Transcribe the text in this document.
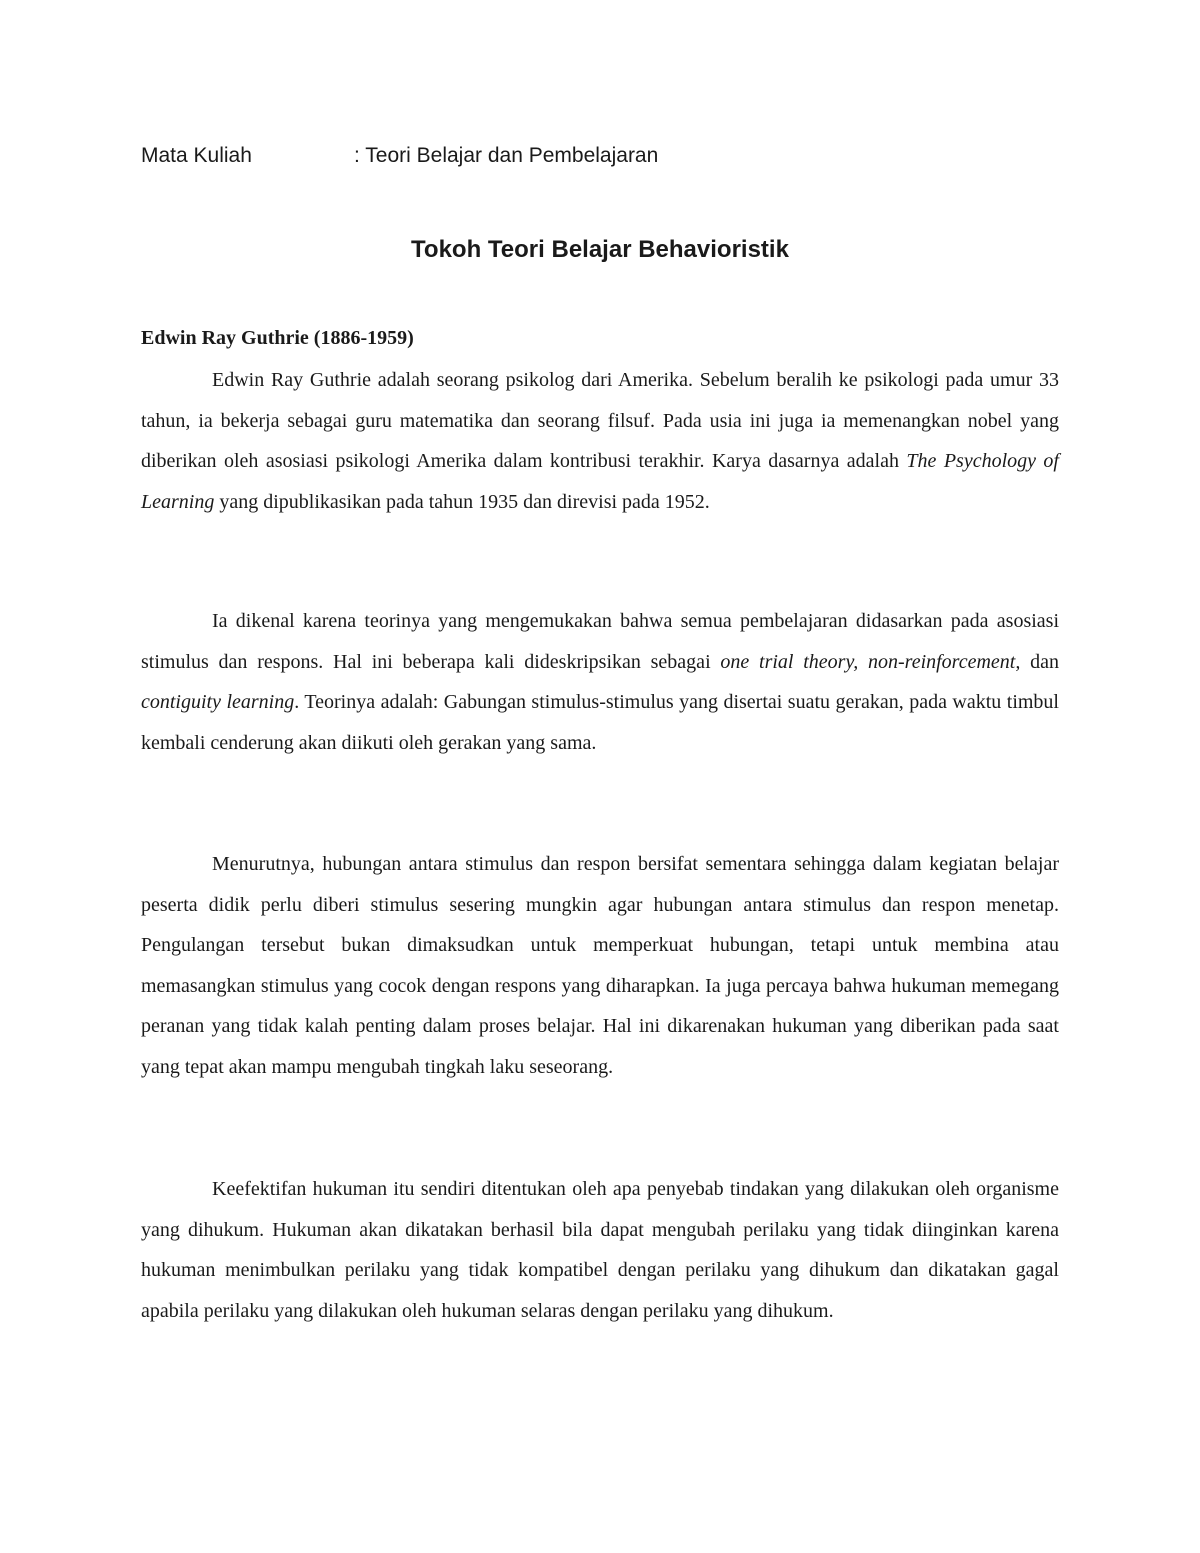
Mata Kuliah	: Teori Belajar dan Pembelajaran
Tokoh Teori Belajar Behavioristik
Edwin Ray Guthrie (1886-1959)

Edwin Ray Guthrie adalah seorang psikolog dari Amerika. Sebelum beralih ke psikologi pada umur 33 tahun, ia bekerja sebagai guru matematika dan seorang filsuf. Pada usia ini juga ia memenangkan nobel yang diberikan oleh asosiasi psikologi Amerika dalam kontribusi terakhir. Karya dasarnya adalah The Psychology of Learning yang dipublikasikan pada tahun 1935 dan direvisi pada 1952.

Ia dikenal karena teorinya yang mengemukakan bahwa semua pembelajaran didasarkan pada asosiasi stimulus dan respons. Hal ini beberapa kali dideskripsikan sebagai one trial theory, non-reinforcement, dan contiguity learning. Teorinya adalah: Gabungan stimulus-stimulus yang disertai suatu gerakan, pada waktu timbul kembali cenderung akan diikuti oleh gerakan yang sama.

Menurutnya, hubungan antara stimulus dan respon bersifat sementara sehingga dalam kegiatan belajar peserta didik perlu diberi stimulus sesering mungkin agar hubungan antara stimulus dan respon menetap. Pengulangan tersebut bukan dimaksudkan untuk memperkuat hubungan, tetapi untuk membina atau memasangkan stimulus yang cocok dengan respons yang diharapkan. Ia juga percaya bahwa hukuman memegang peranan yang tidak kalah penting dalam proses belajar. Hal ini dikarenakan hukuman yang diberikan pada saat yang tepat akan mampu mengubah tingkah laku seseorang.

Keefektifan hukuman itu sendiri ditentukan oleh apa penyebab tindakan yang dilakukan oleh organisme yang dihukum. Hukuman akan dikatakan berhasil bila dapat mengubah perilaku yang tidak diinginkan karena hukuman menimbulkan perilaku yang tidak kompatibel dengan perilaku yang dihukum dan dikatakan gagal apabila perilaku yang dilakukan oleh hukuman selaras dengan perilaku yang dihukum.
